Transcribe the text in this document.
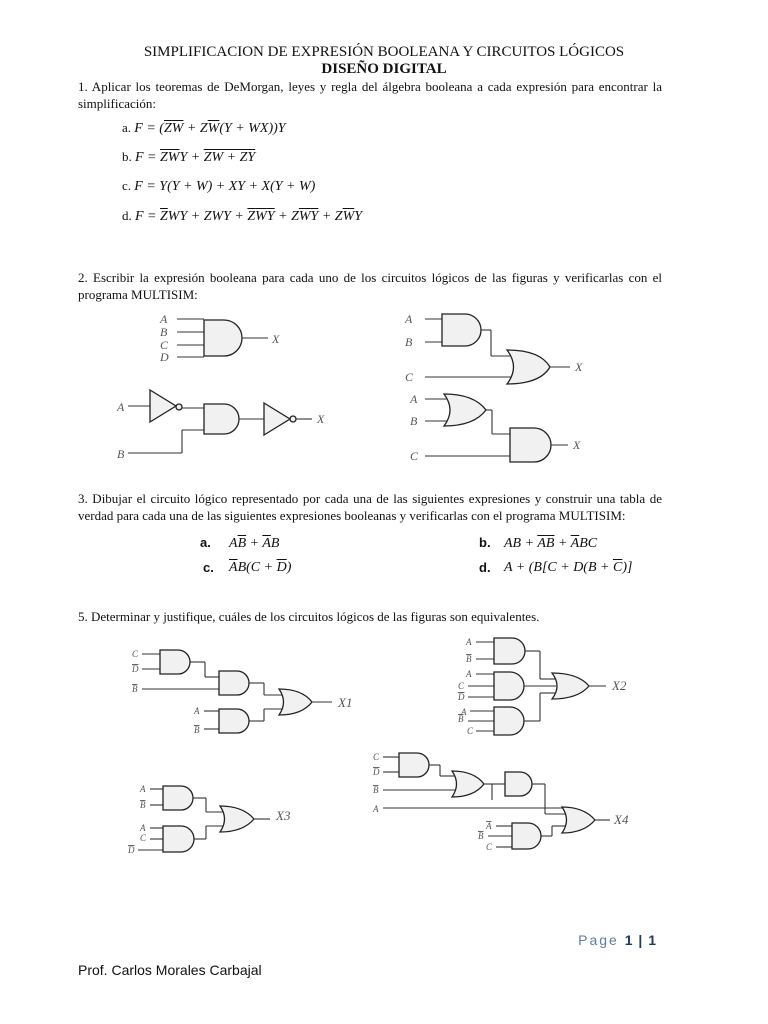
SIMPLIFICACION DE EXPRESIÓN BOOLEANA Y CIRCUITOS LÓGICOS
DISEÑO DIGITAL
1. Aplicar los teoremas de DeMorgan, leyes y regla del álgebra booleana a cada expresión para encontrar la simplificación:
a. $F = (\overline{Z}\overline{W} + Z\overline{W}(Y + WX))Y$
b. $F = \overline{Z}\overline{W}Y$ + ZW + ZY
c. F = Y(Y + W) + XY + X(Y + W)
d. $F = \overline{Z}WY$ + ZWY + $\overline{Z}\overline{W}\overline{Y} + Z\overline{W}\overline{Y} + Z\overline{W}Y$
2. Escribir la expresión booleana para cada uno de los circuitos lógicos de las figuras y verificarlas con el programa MULTISIM:
A
B
C
D
X
A
B
X
A
B
C
X
A
B
C
X
C
D
B
A
B
X1
A
B
A
C
D
A
B
C
X2
A
B
A
C
D
X3
C
D
B
A
A
B
C
X4
3. Dibujar el circuito lógico representado por cada una de las siguientes expresiones y construir una tabla de verdad para cada una de las siguientes expresiones booleanas y verificarlas con el programa MULTISIM:
a. $A\overline{B} + \overline{A}B$	b. AB + $\overline{A}\overline{B} + \overline{A}BC$
c. $\overline{A}B(C + \overline{D})$	d. $A + (B[C + D(B + \overline{C})]$
5. Determinar y justifique, cuáles de los circuitos lógicos de las figuras son equivalentes.
Page 1 | 1
Prof. Carlos Morales Carbajal
